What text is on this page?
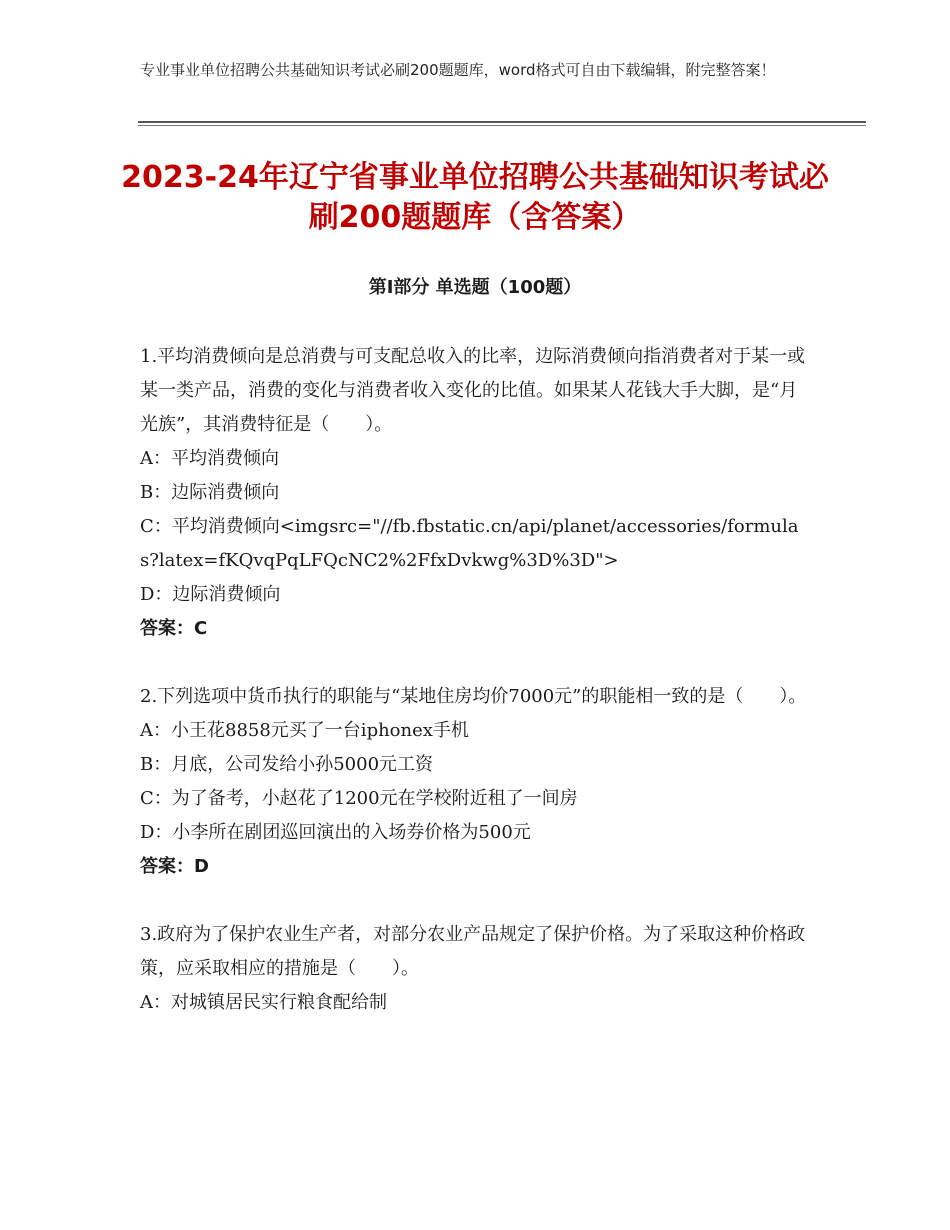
专业事业单位招聘公共基础知识考试必刷200题题库，word格式可自由下载编辑，附完整答案！
2023-24年辽宁省事业单位招聘公共基础知识考试必刷200题题库（含答案）
第Ⅰ部分 单选题（100题）
1.平均消费倾向是总消费与可支配总收入的比率，边际消费倾向指消费者对于某一或某一类产品，消费的变化与消费者收入变化的比值。如果某人花钱大手大脚，是“月光族”，其消费特征是（　　）。
A：平均消费倾向
B：边际消费倾向
C：平均消费倾向<imgsrc="//fb.fbstatic.cn/api/planet/accessories/formulas?latex=fKQvqPqLFQcNC2%2FfxDvkwg%3D%3D">
D：边际消费倾向
答案：C
2.下列选项中货币执行的职能与“某地住房均价7000元”的职能相一致的是（　　）。
A：小王花8858元买了一台iphonex手机
B：月底，公司发给小孙5000元工资
C：为了备考，小赵花了1200元在学校附近租了一间房
D：小李所在剧团巡回演出的入场券价格为500元
答案：D
3.政府为了保护农业生产者，对部分农业产品规定了保护价格。为了采取这种价格政策，应采取相应的措施是（　　）。
A：对城镇居民实行粮食配给制
